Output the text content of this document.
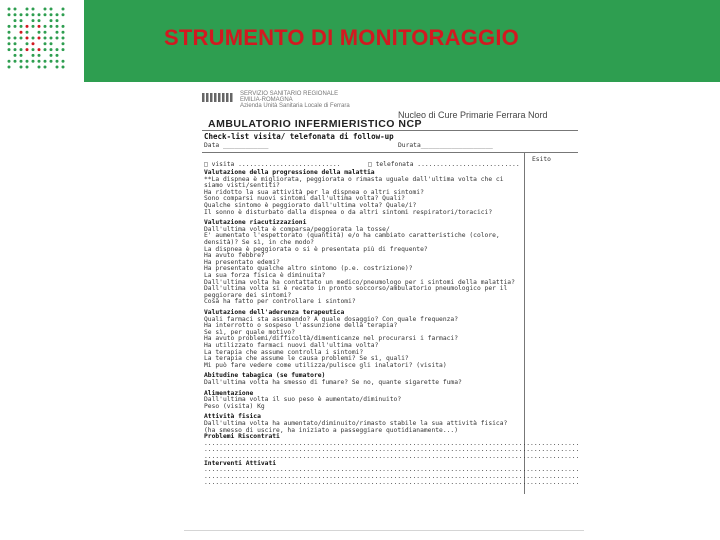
STRUMENTO DI MONITORAGGIO
SERVIZIO SANITARIO REGIONALE
EMILIA-ROMAGNA
Azienda Unità Sanitaria Locale di Ferrara
Nucleo di Cure Primarie Ferrara Nord
AMBULATORIO INFERMIERISTICO NCP
Check-list visita/ telefonata di follow-up
Data ____________	Durata___________________
Esito
□ visita ...........................	□ telefonata ...........................
Valutazione della progressione della malattia
**La dispnea è migliorata, peggiorata o rimasta uguale dall'ultima volta che ci
siamo visti/sentiti?
Ha ridotto la sua attività per la dispnea o altri sintomi?
Sono comparsi nuovi sintomi dall'ultima volta? Quali?
Qualche sintomo è peggiorato dall'ultima volta? Quale/i?
Il sonno è disturbato dalla dispnea o da altri sintomi respiratori/toracici?
Valutazione riacutizzazioni
Dall'ultima volta è comparsa/peggiorata la tosse/
E' aumentato l'espettorato (quantità) e/o ha cambiato caratteristiche (colore,
densità)? Se sì, in che modo?
La dispnea è peggiorata o si è presentata più di frequente?
Ha avuto febbre?
Ha presentato edemi?
Ha presentato qualche altro sintomo (p.e. costrizione)?
La sua forza fisica è diminuita?
Dall'ultima volta ha contattato un medico/pneumologo per i sintomi della malattia?
Dall'ultima volta si è recato in pronto soccorso/ambulatorio pneumologico per il
peggiorare dei sintomi?
Cosa ha fatto per controllare i sintomi?
Valutazione dell'aderenza terapeutica
Quali farmaci sta assumendo? A quale dosaggio? Con quale frequenza?
Ha interrotto o sospeso l'assunzione della terapia?
Se sì, per quale motivo?
Ha avuto problemi/difficoltà/dimenticanze nel procurarsi i farmaci?
Ha utilizzato farmaci nuovi dall'ultima volta?
La terapia che assume controlla i sintomi?
La terapia che assume le causa problemi? Se sì, quali?
Mi può fare vedere come utilizza/pulisce gli inalatori? (visita)
Abitudine tabagica (se fumatore)
Dall'ultima volta ha smesso di fumare? Se no, quante sigarette fuma?
Alimentazione
Dall'ultima volta il suo peso è aumentato/diminuito?
Peso (visita) Kg
Attività fisica
Dall'ultima volta ha aumentato/diminuito/rimasto stabile la sua attività fisica?
(ha smesso di uscire, ha iniziato a passeggiare quotidianamente...)
Problemi Riscontrati
...................................................................................................
...................................................................................................
...................................................................................................
Interventi Attivati
...................................................................................................
...................................................................................................
...................................................................................................
